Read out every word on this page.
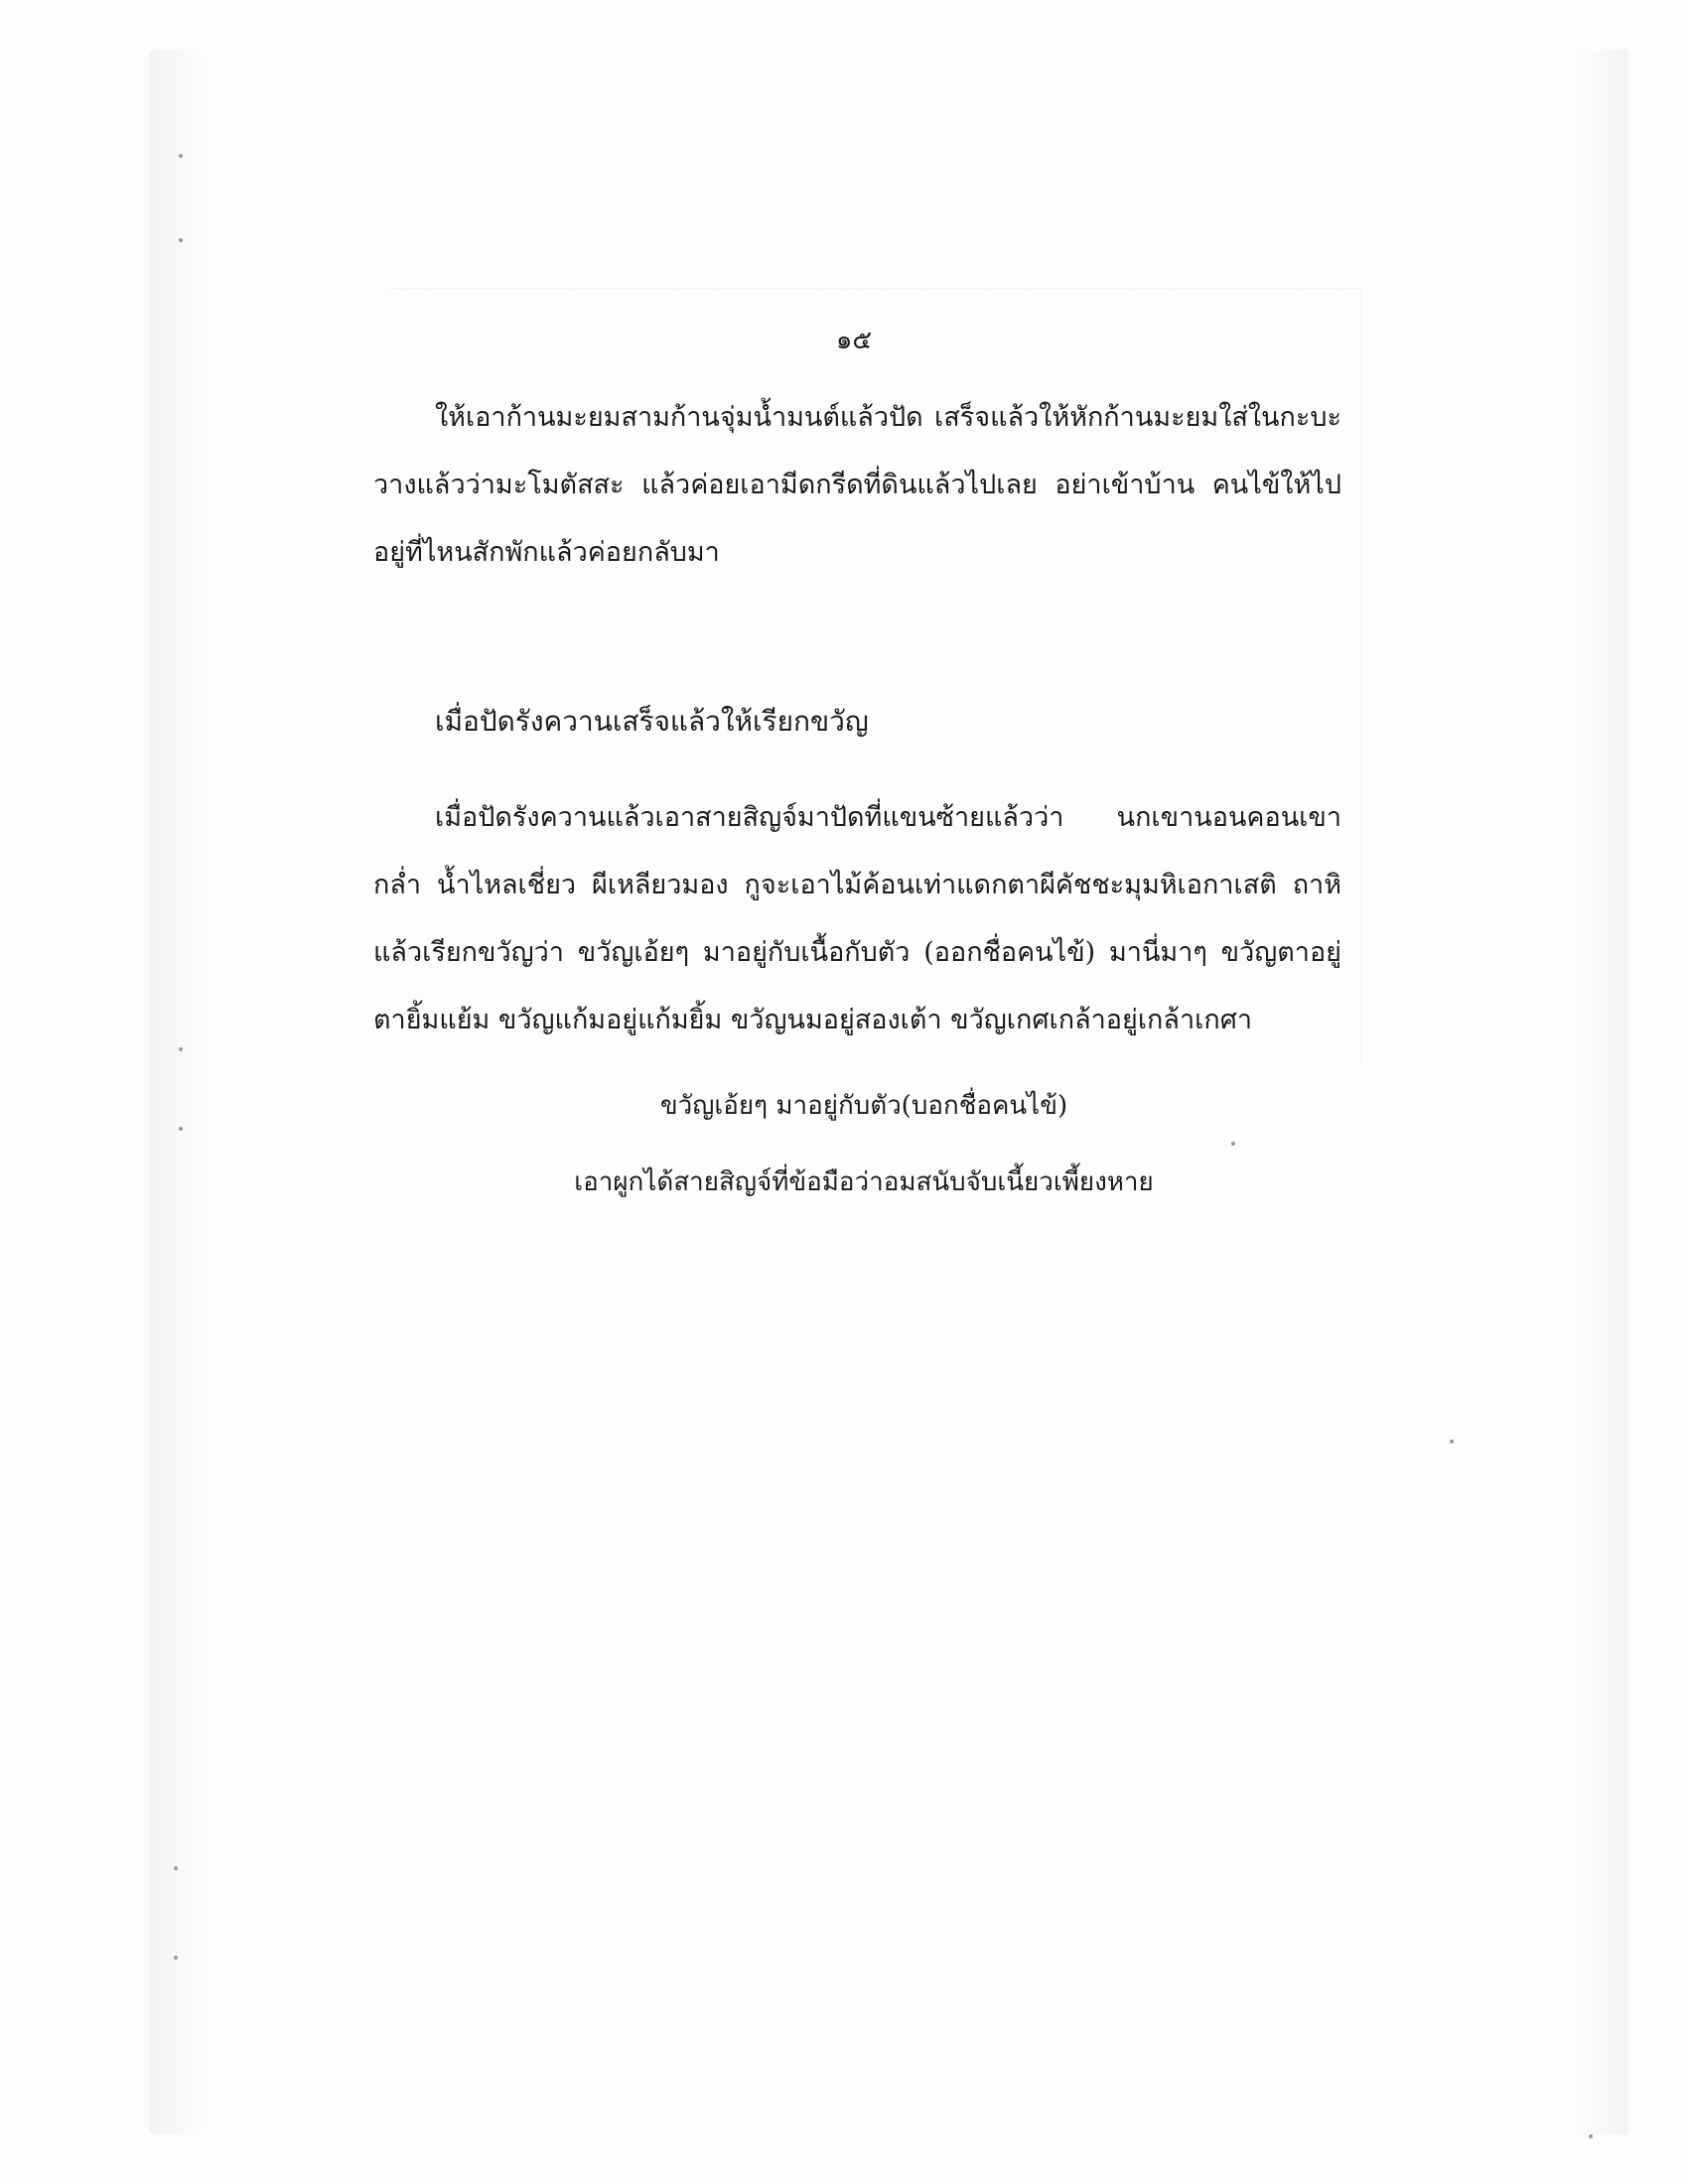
๑๕
ให้เอาก้านมะยมสามก้านจุ่มน้ำมนต์แล้วปัด เสร็จแล้วให้หักก้านมะยมใส่ในกะบะวางแล้วว่ามะโมตัสสะ แล้วค่อยเอามีดกรีดที่ดินแล้วไปเลย อย่าเข้าบ้าน คนไข้ให้ไปอยู่ที่ไหนสักพักแล้วค่อยกลับมา
เมื่อปัดรังควานเสร็จแล้วให้เรียกขวัญ
เมื่อปัดรังควานแล้วเอาสายสิญจ์มาปัดที่แขนซ้ายแล้วว่า นกเขานอนคอนเขา กล่ำ น้ำไหลเชี่ยว ผีเหลียวมอง กูจะเอาไม้ค้อนเท่าแดกตาผีคัชชะมุมหิเอกาเสติ ถาหิ แล้วเรียกขวัญว่า ขวัญเอ้ยๆ มาอยู่กับเนื้อกับตัว (ออกชื่อคนไข้) มานี่มาๆ ขวัญตาอยู่ตายิ้มแย้ม ขวัญแก้มอยู่แก้มยิ้ม ขวัญนมอยู่สองเต้า ขวัญเกศเกล้าอยู่เกล้าเกศา
ขวัญเอ้ยๆ มาอยู่กับตัว(บอกชื่อคนไข้)
เอาผูกได้สายสิญจ์ที่ข้อมือว่าอมสนับจับเนี้ยวเพี้ยงหาย
